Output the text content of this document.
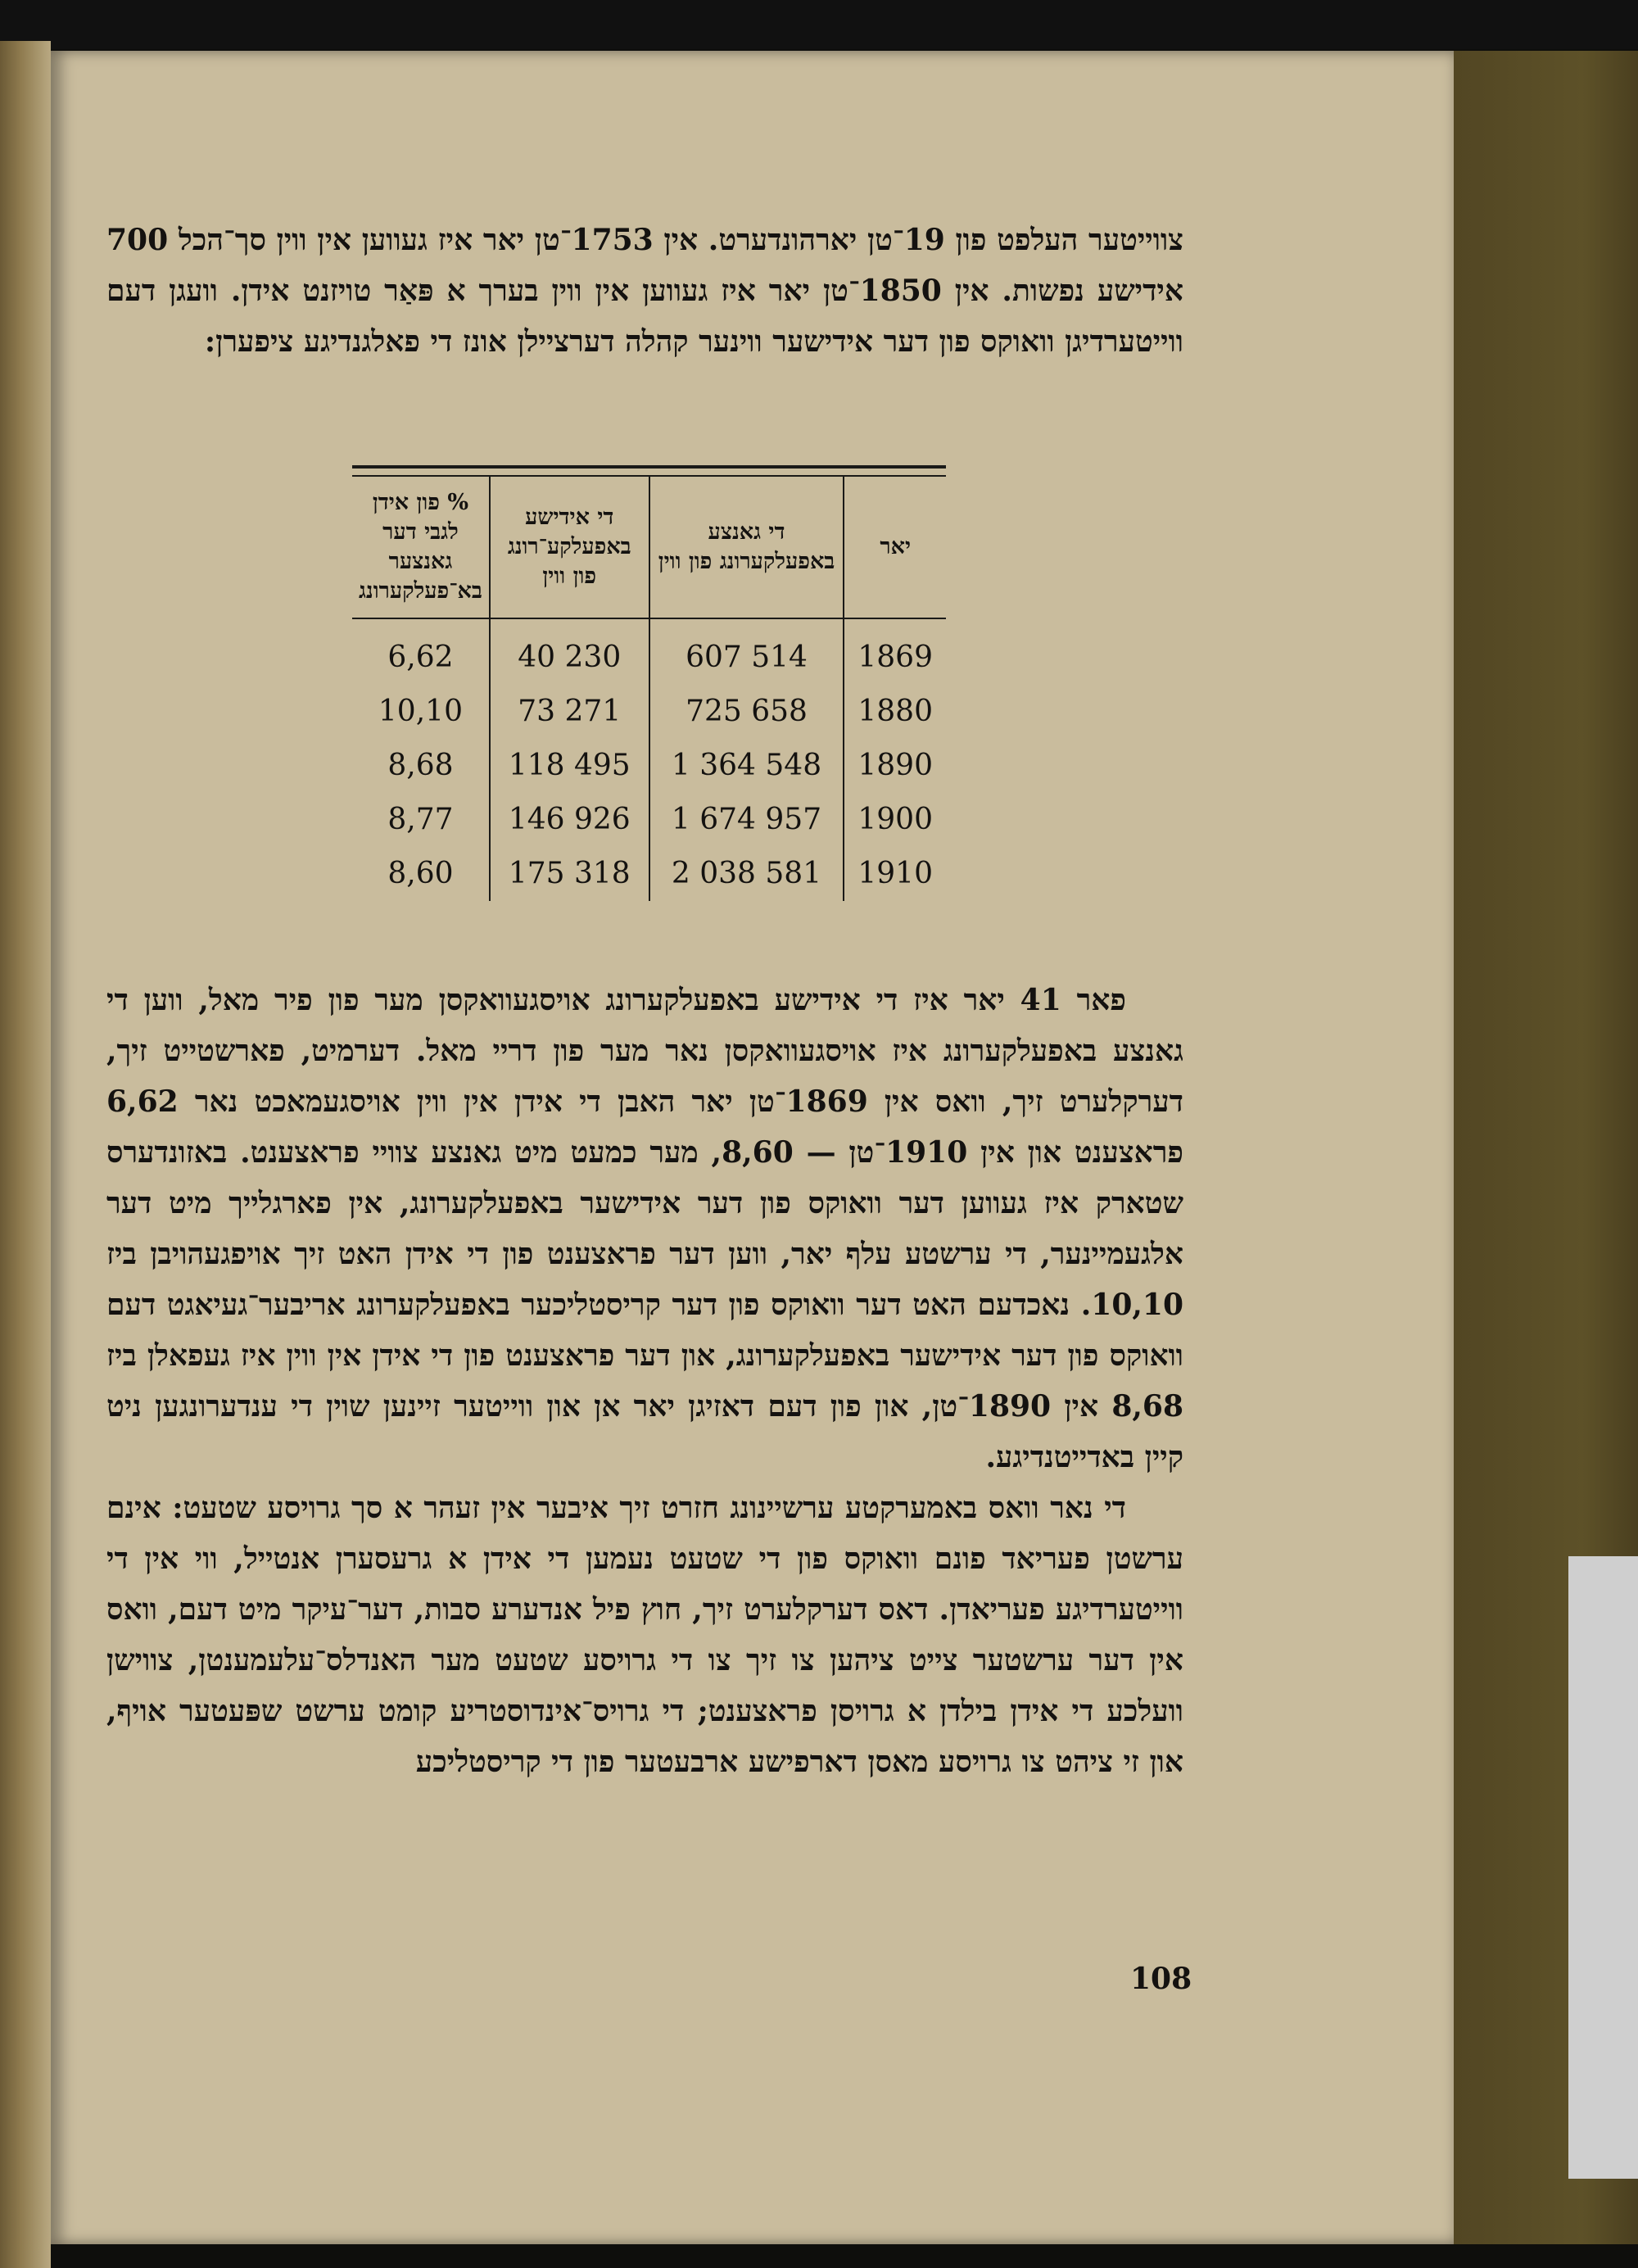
צווייטער העלפט פון 19־טן יארהונדערט. אין 1753־טן יאר איז געווען אין ווין סך־הכל 700 אידישע נפשות. אין 1850־טן יאר איז געווען אין ווין בערך א פּאַר טויזנט אידן. וועגן דעם ווייטערדיגן וואוקס פון דער אידישער ווינער קהלה דערציילן אונז די פאלגנדיגע ציפערן:

יאר	די גאנצע באפעלקערונג פון ווין	די אידישע באפעלקע־רונג פון ווין	% פון אידן לגבי דער גאנצער בא־פעלקערונג
1869	607 514	40 230	6,62
1880	725 658	73 271	10,10
1890	1 364 548	118 495	8,68
1900	1 674 957	146 926	8,77
1910	2 038 581	175 318	8,60

פאר 41 יאר איז די אידישע באפעלקערונג אויסגעוואקסן מער פון פיר מאל, ווען די גאנצע באפעלקערונג איז אויסגעוואקסן נאר מער פון דריי מאל. דערמיט, פארשטייט זיך, דערקלערט זיך, וואס אין 1869־טן יאר האבן די אידן אין ווין אויסגעמאכט נאר 6,62 פראצענט און אין 1910־טן — 8,60, מער כמעט מיט גאנצע צוויי פראצענט. באזונדערס שטארק איז געווען דער וואוקס פון דער אידישער באפעלקערונג, אין פארגלייך מיט דער אלגעמיינער, די ערשטע עלף יאר, ווען דער פראצענט פון די אידן האט זיך אויפגעהויבן ביז 10,10. נאכדעם האט דער וואוקס פון דער קריסטליכער באפעלקערונג אריבער־געיאגט דעם וואוקס פון דער אידישער באפעלקערונג, און דער פראצענט פון די אידן אין ווין איז געפאלן ביז 8,68 אין 1890־טן, און פון דעם דאזיגן יאר אן און ווייטער זיינען שוין די ענדערונגען ניט קיין באדייטנדיגע.

די נאר וואס באמערקטע ערשיינונג חזרט זיך איבער אין זעהר א סך גרויסע שטעט: אינם ערשטן פעריאד פונם וואוקס פון די שטעט נעמען די אידן א גרעסערן אנטייל, ווי אין די ווייטערדיגע פעריאדן. דאס דערקלערט זיך, חוץ פיל אנדערע סבות, דער־עיקר מיט דעם, וואס אין דער ערשטער צייט ציהען צו זיך צו די גרויסע שטעט מער האנדלס־עלעמענטן, צווישן וועלכע די אידן בילדן א גרויסן פראצענט; די גרויס־אינדוסטריע קומט ערשט שפּעטער אויף, און זי ציהט צו גרויסע מאסן דארפישע ארבעטער פון די קריסטליכע

108
